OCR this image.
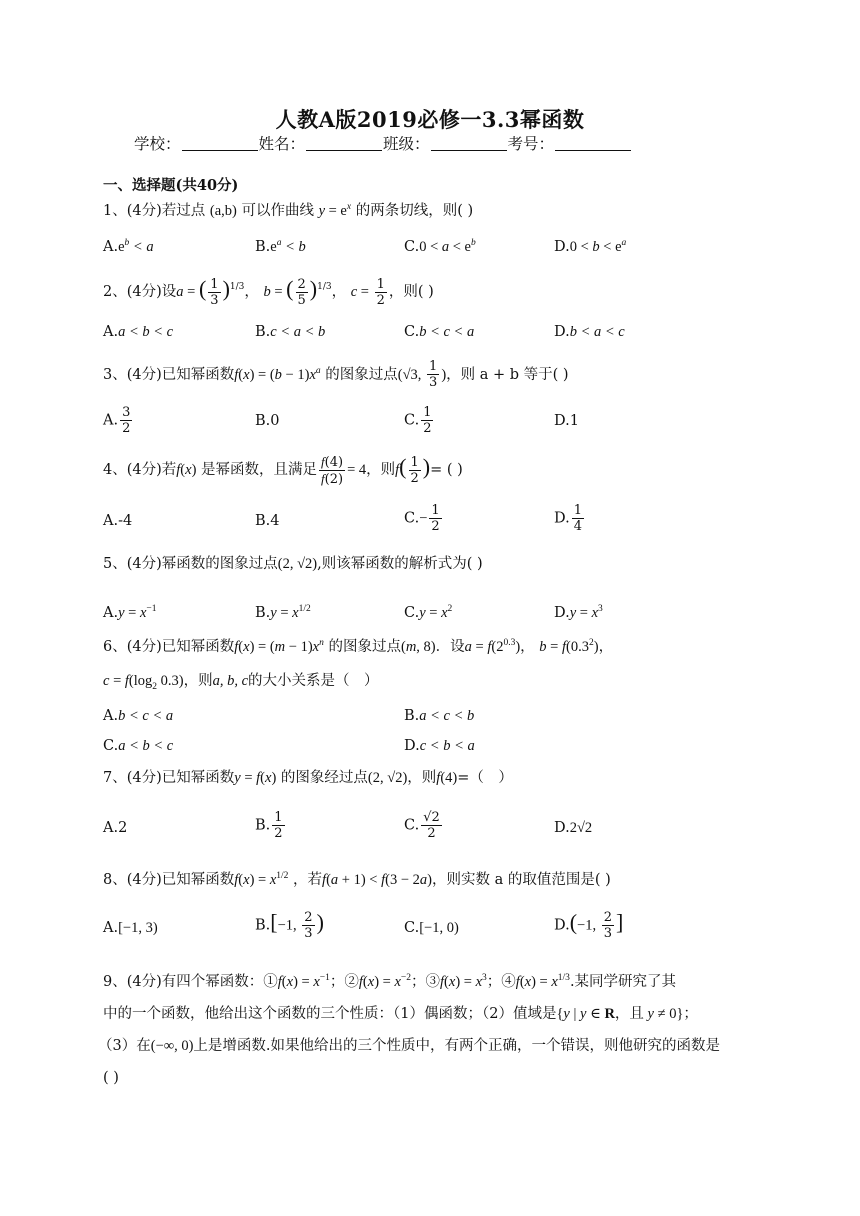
人教A版2019必修一3.3幂函数
学校：	姓名：	班级：	考号：
一、选择题(共40分)
1、(4分)若过点 (a,b) 可以作曲线 $y = e^x$ 的两条切线，则( )
$A.e^b < a$	$B.e^a < b$	$C.0 < a < e^b$	$D.0 < b < e^a$
2、(4分)设a = ( $\frac{1}{3} )^{1/3}$， b = ( $\frac{2}{5} )^{1/3}$， $c = \frac{1}{2}$ ，则( )
A.a < b < c	B.c < a < b	C.b < c < a	D.b < a < c
3、(4分)已知幂函数$f(x) = (b - 1)x^a$ 的图象过点(√3, $\frac{1}{3}$ )，则 a + b 等于( )
A. $\frac{3}{2}$	B.0	C. $\frac{1}{2}$	D.1
4、(4分)若f(x) 是幂函数，且满足 $\frac{f(4)}{f(2)} = 4$，则$f( \frac{1}{2}$ )= ( )
A.-4	B.4	$C.- \frac{1}{2}$	D. $\frac{1}{4}$
5、(4分)幂函数的图象过点(2, √2),则该幂函数的解析式为( )
$A.y = x^{-1}$	$B.y = x^{1/2}$	$C.y = x^2$	$D.y = x^3$
6、(4分)已知幂函数$f(x) = (m - 1)x^n$ 的图象过点(m, 8)．设$a = f(2^{0.3})$， $b = f(0.3^2)$，
$c = f(\log_2$ 0.3)，则a, b, c的大小关系是（　）
A.b < c < a	B.a < c < b
C.a < b < c	D.c < b < a
7、(4分)已知幂函数y = f(x) 的图象经过点(2, √2)，则f(4)=（　）
A.2	B. $\frac{1}{2}$	C. $\frac{√2}{2}$	D.2√2
8、(4分)已知幂函数$f(x) = x^{1/2}$ ，若f(a + 1) < f(3 − 2a)，则实数 a 的取值范围是( )
A.[−1, 3)	B.[−1, $\frac{2}{3}$ )	C.[−1, 0)	D.(−1, $\frac{2}{3}$ ]
9、(4分)有四个幂函数：①f(x) = $x^{-1}$；②f(x) = $x^{-2}$；③f(x) = $x^3$；④f(x) = $x^{1/3}$.某同学研究了其
中的一个函数，他给出这个函数的三个性质：（1）偶函数；（2）值域是{y | y ∈ R，且 y ≠ 0}；
（3）在(−∞, 0)上是增函数.如果他给出的三个性质中，有两个正确，一个错误，则他研究的函数是
( )
